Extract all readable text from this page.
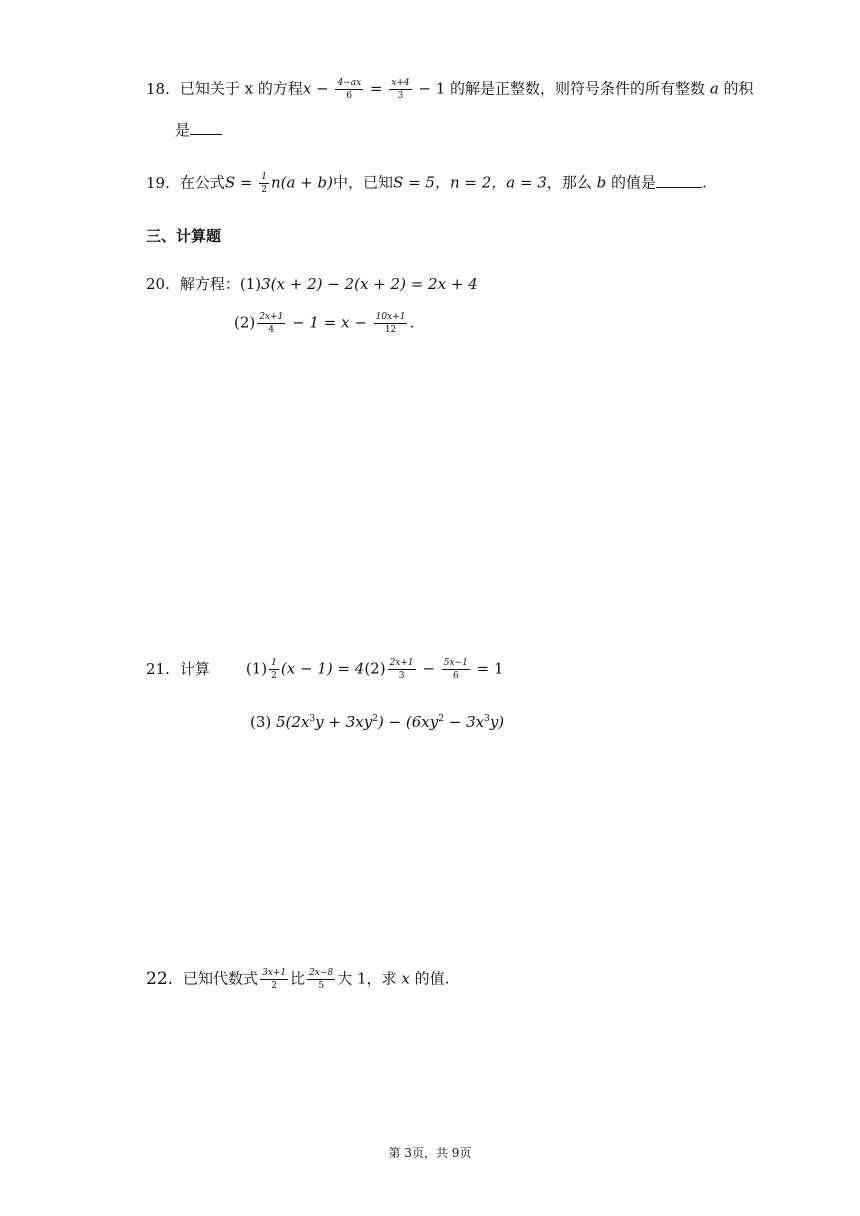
18. 已知关于 x 的方程$x - \frac{4-ax}{6} = \frac{x+4}{3} - 1$ 的解是正整数，则符号条件的所有整数 a 的积
是
19. 在公式$S = \frac{1}{2} n(a + b)$中，已知S = 5，n = 2，a = 3，那么 b 的值是	.
三、计算题
20. 解方程：(1)3(x + 2) − 2(x + 2) = 2x + 4
$(2) \frac{2x+1}{4} - 1 = x - \frac{10x+1}{12}$ .
21. 计算 $(1) \frac{1}{2} (x - 1) = 4(2) \frac{2x+1}{3} - \frac{5x-1}{6} = 1$
(3) $5(2x^3y + 3xy^2) - (6xy^2 - 3x^3y)$
22. 已知代数式 $\frac{3x+1}{2}$ 比 $\frac{2x-8}{5}$ 大 1，求 x 的值.
第 3页，共 9页
